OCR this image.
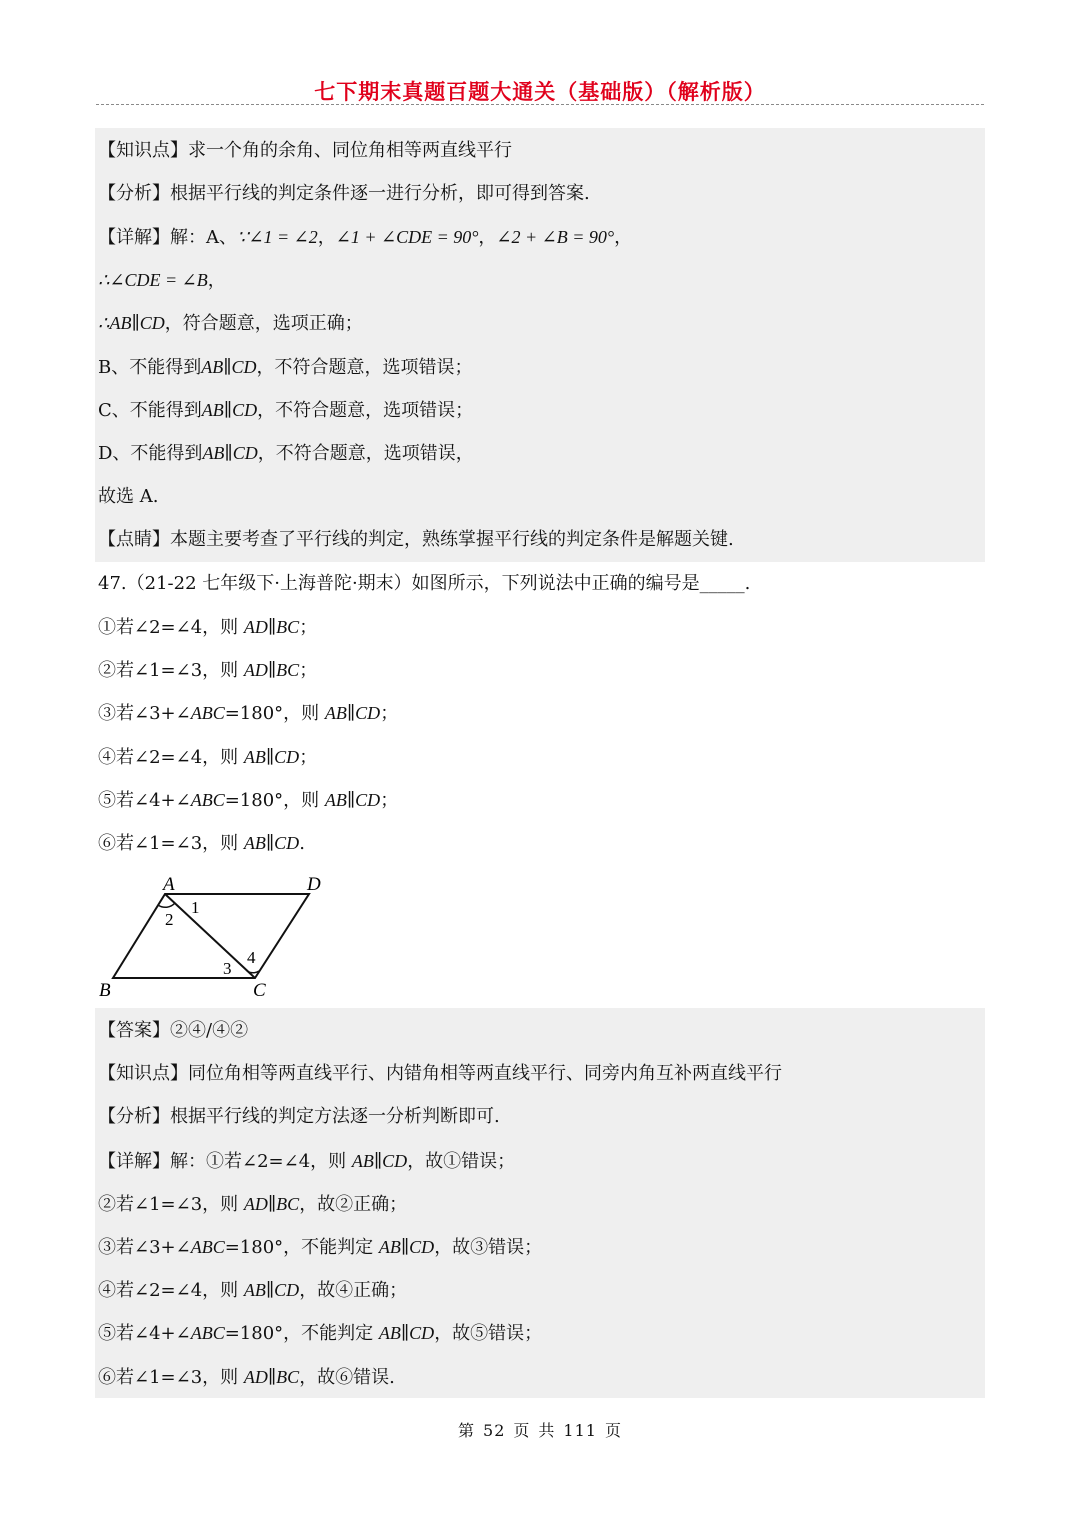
七下期末真题百题大通关（基础版）（解析版）
【知识点】求一个角的余角、同位角相等两直线平行
【分析】根据平行线的判定条件逐一进行分析，即可得到答案.
【详解】解：A、∵∠1 = ∠2，∠1 + ∠CDE = 90°，∠2 + ∠B = 90°，
∴∠CDE = ∠B，
∴AB∥CD，符合题意，选项正确；
B、不能得到AB∥CD，不符合题意，选项错误；
C、不能得到AB∥CD，不符合题意，选项错误；
D、不能得到AB∥CD，不符合题意，选项错误，
故选 A.
【点睛】本题主要考查了平行线的判定，熟练掌握平行线的判定条件是解题关键.
47.（21-22 七年级下·上海普陀·期末）如图所示，下列说法中正确的编号是_____.
①若∠2=∠4，则 AD∥BC；
②若∠1=∠3，则 AD∥BC；
③若∠3+∠ABC=180°，则 AB∥CD；
④若∠2=∠4，则 AB∥CD；
⑤若∠4+∠ABC=180°，则 AB∥CD；
⑥若∠1=∠3，则 AB∥CD.
A	D
B	C
1
2
3
4
【答案】②④/④②
【知识点】同位角相等两直线平行、内错角相等两直线平行、同旁内角互补两直线平行
【分析】根据平行线的判定方法逐一分析判断即可.
【详解】解：①若∠2=∠4，则 AB∥CD，故①错误；
②若∠1=∠3，则 AD∥BC，故②正确；
③若∠3+∠ABC=180°，不能判定 AB∥CD，故③错误；
④若∠2=∠4，则 AB∥CD，故④正确；
⑤若∠4+∠ABC=180°，不能判定 AB∥CD，故⑤错误；
⑥若∠1=∠3，则 AD∥BC，故⑥错误.
第 52 页 共 111 页
